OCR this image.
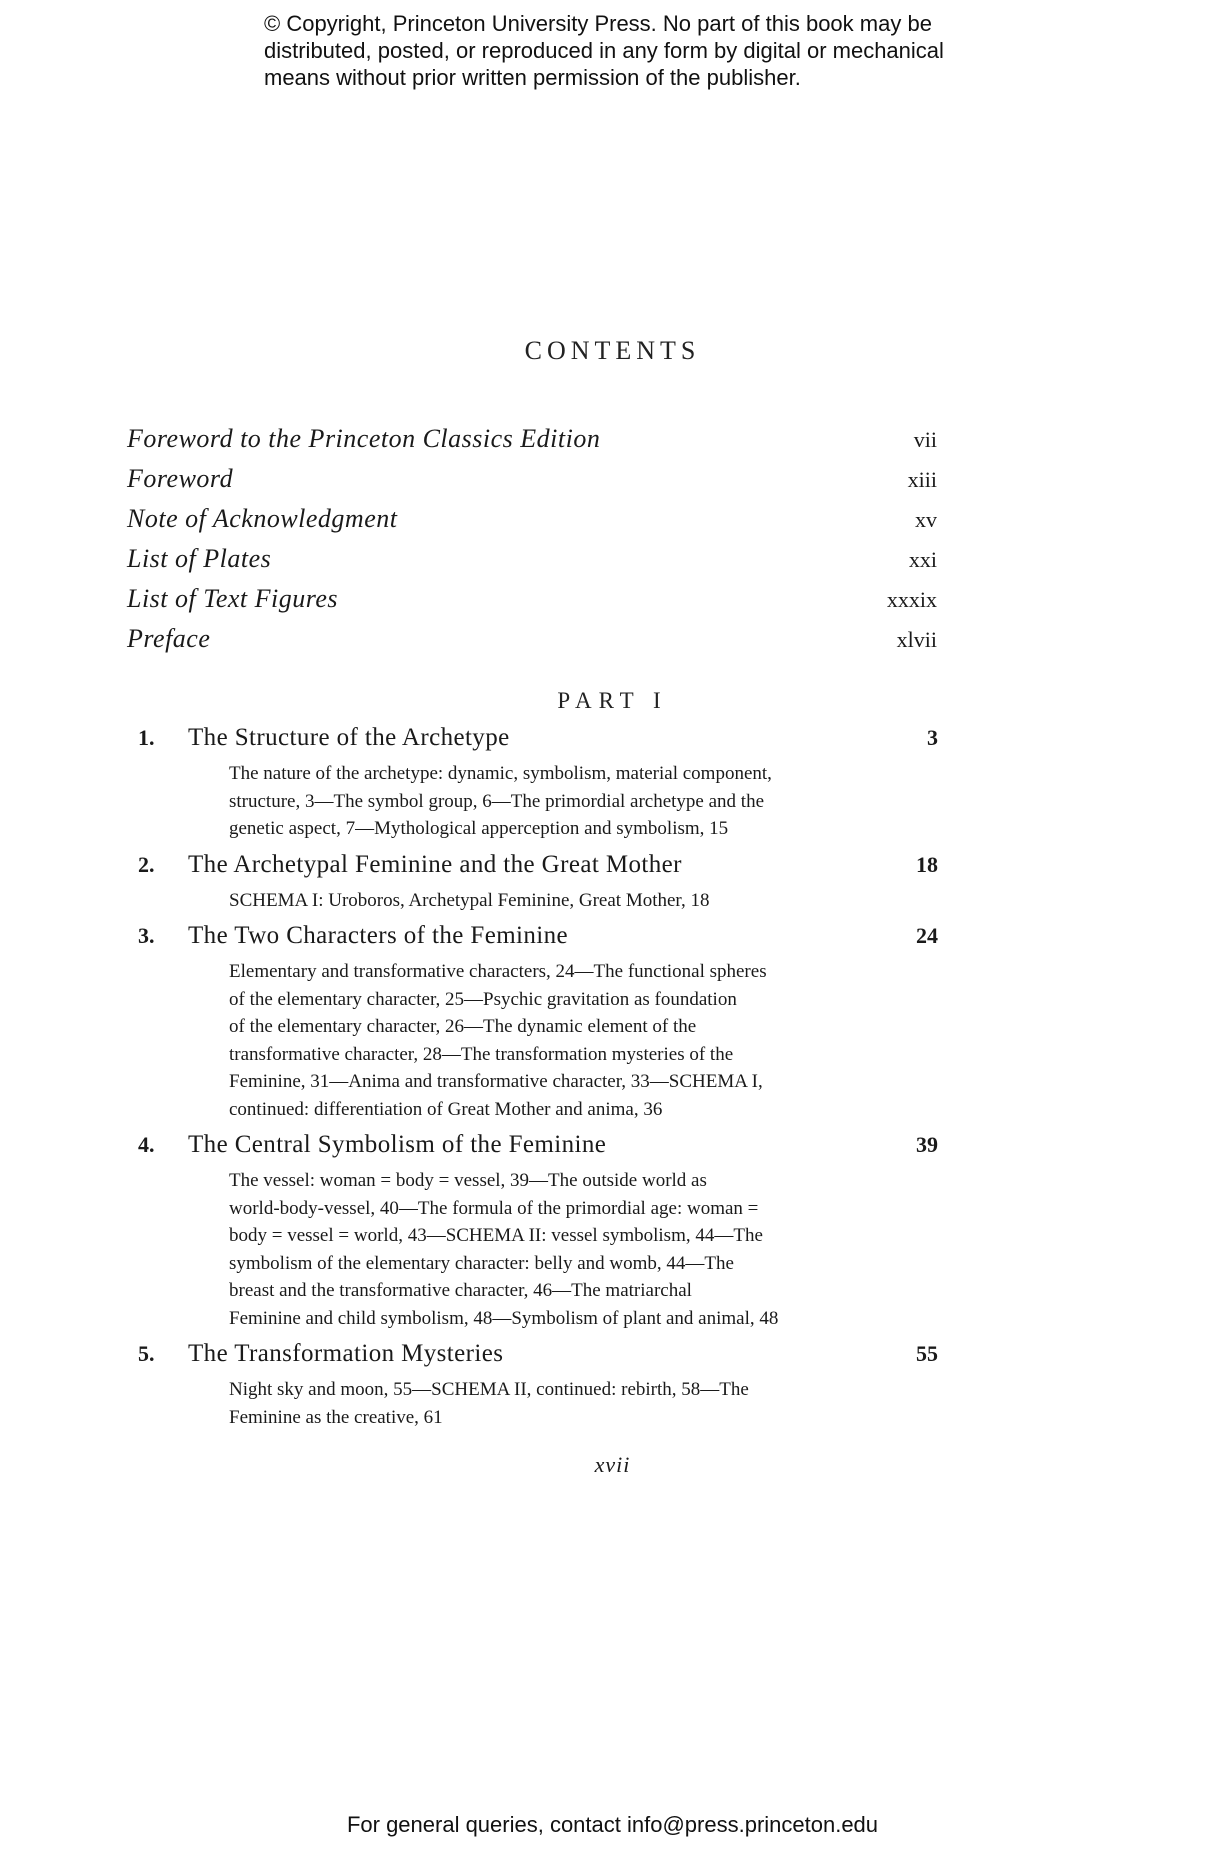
© Copyright, Princeton University Press. No part of this book may be
distributed, posted, or reproduced in any form by digital or mechanical
means without prior written permission of the publisher.
CONTENTS
Foreword to the Princeton Classics Edition	vii
Foreword	xiii
Note of Acknowledgment	xv
List of Plates	xxi
List of Text Figures	xxxix
Preface	xlvii
PART I
1.	The Structure of the Archetype	3
The nature of the archetype: dynamic, symbolism, material component,
structure, 3—The symbol group, 6—The primordial archetype and the
genetic aspect, 7—Mythological apperception and symbolism, 15
2.	The Archetypal Feminine and the Great Mother	18
SCHEMA I: Uroboros, Archetypal Feminine, Great Mother, 18
3.	The Two Characters of the Feminine	24
Elementary and transformative characters, 24—The functional spheres
of the elementary character, 25—Psychic gravitation as foundation
of the elementary character, 26—The dynamic element of the
transformative character, 28—The transformation mysteries of the
Feminine, 31—Anima and transformative character, 33—SCHEMA I,
continued: differentiation of Great Mother and anima, 36
4.	The Central Symbolism of the Feminine	39
The vessel: woman = body = vessel, 39—The outside world as
world-body-vessel, 40—The formula of the primordial age: woman =
body = vessel = world, 43—SCHEMA II: vessel symbolism, 44—The
symbolism of the elementary character: belly and womb, 44—The
breast and the transformative character, 46—The matriarchal
Feminine and child symbolism, 48—Symbolism of plant and animal, 48
5.	The Transformation Mysteries	55
Night sky and moon, 55—SCHEMA II, continued: rebirth, 58—The
Feminine as the creative, 61
xvii
For general queries, contact info@press.princeton.edu
